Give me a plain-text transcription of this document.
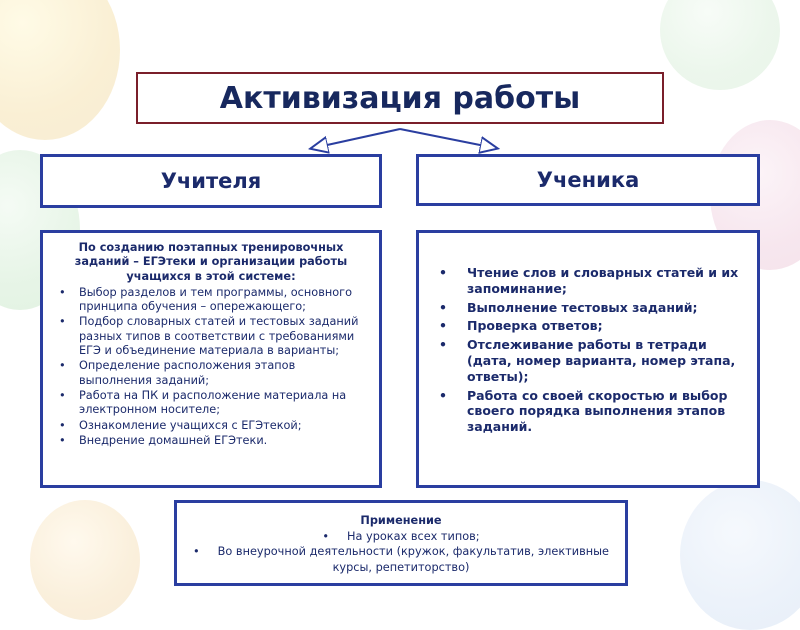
Активизация работы
Учителя	Ученика
По созданию поэтапных тренировочных заданий – ЕГЭтеки и организации работы учащихся в этой системе:
• Выбор разделов и тем программы, основного принципа обучения – опережающего;
• Подбор словарных статей и тестовых заданий разных типов в соответствии с требованиями ЕГЭ и объединение материала в варианты;
• Определение расположения этапов выполнения заданий;
• Работа на ПК и расположение материала на электронном носителе;
• Ознакомление учащихся с ЕГЭтекой;
• Внедрение домашней ЕГЭтеки.
• Чтение слов и словарных статей и их запоминание;
• Выполнение тестовых заданий;
• Проверка ответов;
• Отслеживание работы в тетради (дата, номер варианта, номер этапа, ответы);
• Работа со своей скоростью и выбор своего порядка выполнения этапов заданий.
Применение
• На уроках всех типов;
• Во внеурочной деятельности (кружок, факультатив, элективные курсы, репетиторство)
